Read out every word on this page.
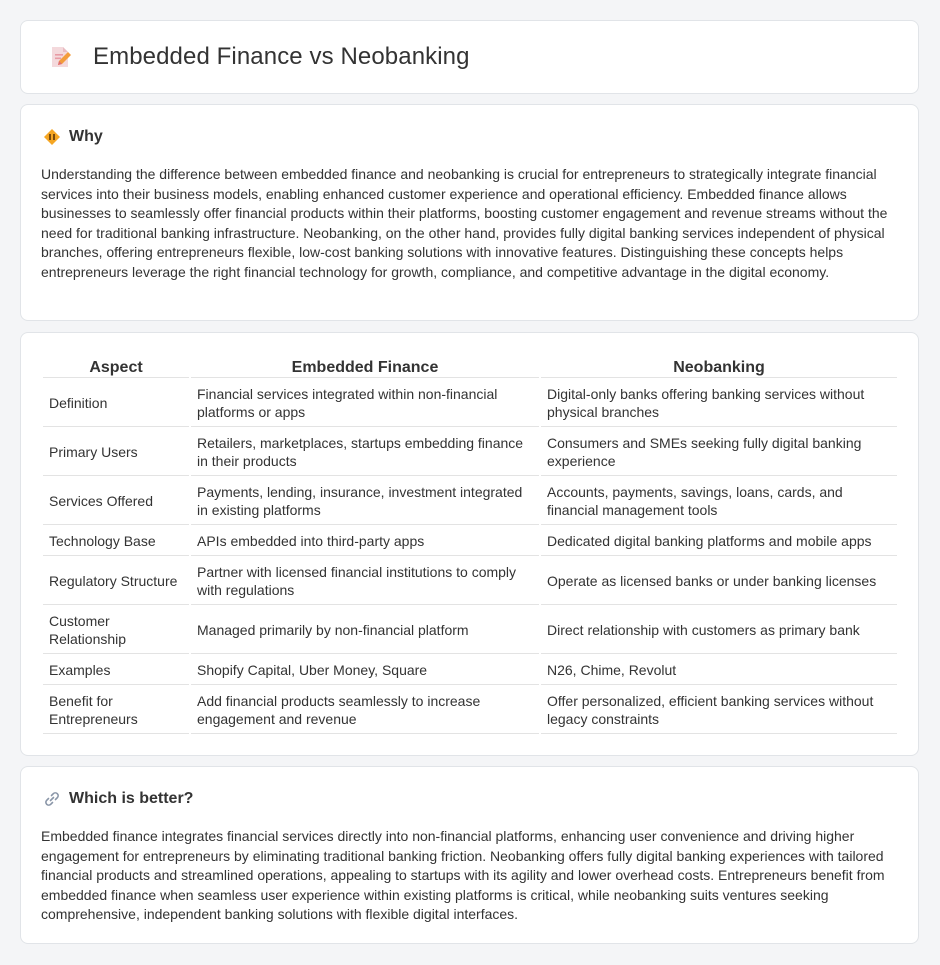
Embedded Finance vs Neobanking
Why

Understanding the difference between embedded finance and neobanking is crucial for entrepreneurs to strategically integrate financial services into their business models, enabling enhanced customer experience and operational efficiency. Embedded finance allows businesses to seamlessly offer financial products within their platforms, boosting customer engagement and revenue streams without the need for traditional banking infrastructure. Neobanking, on the other hand, provides fully digital banking services independent of physical branches, offering entrepreneurs flexible, low-cost banking solutions with innovative features. Distinguishing these concepts helps entrepreneurs leverage the right financial technology for growth, compliance, and competitive advantage in the digital economy.

Aspect	Embedded Finance	Neobanking
Definition	Financial services integrated within non-financial platforms or apps	Digital-only banks offering banking services without physical branches
Primary Users	Retailers, marketplaces, startups embedding finance in their products	Consumers and SMEs seeking fully digital banking experience
Services Offered	Payments, lending, insurance, investment integrated in existing platforms	Accounts, payments, savings, loans, cards, and financial management tools
Technology Base	APIs embedded into third-party apps	Dedicated digital banking platforms and mobile apps
Regulatory Structure	Partner with licensed financial institutions to comply with regulations	Operate as licensed banks or under banking licenses
Customer Relationship	Managed primarily by non-financial platform	Direct relationship with customers as primary bank
Examples	Shopify Capital, Uber Money, Square	N26, Chime, Revolut
Benefit for Entrepreneurs	Add financial products seamlessly to increase engagement and revenue	Offer personalized, efficient banking services without legacy constraints
Which is better?

Embedded finance integrates financial services directly into non-financial platforms, enhancing user convenience and driving higher engagement for entrepreneurs by eliminating traditional banking friction. Neobanking offers fully digital banking experiences with tailored financial products and streamlined operations, appealing to startups with its agility and lower overhead costs. Entrepreneurs benefit from embedded finance when seamless user experience within existing platforms is critical, while neobanking suits ventures seeking comprehensive, independent banking solutions with flexible digital interfaces.
